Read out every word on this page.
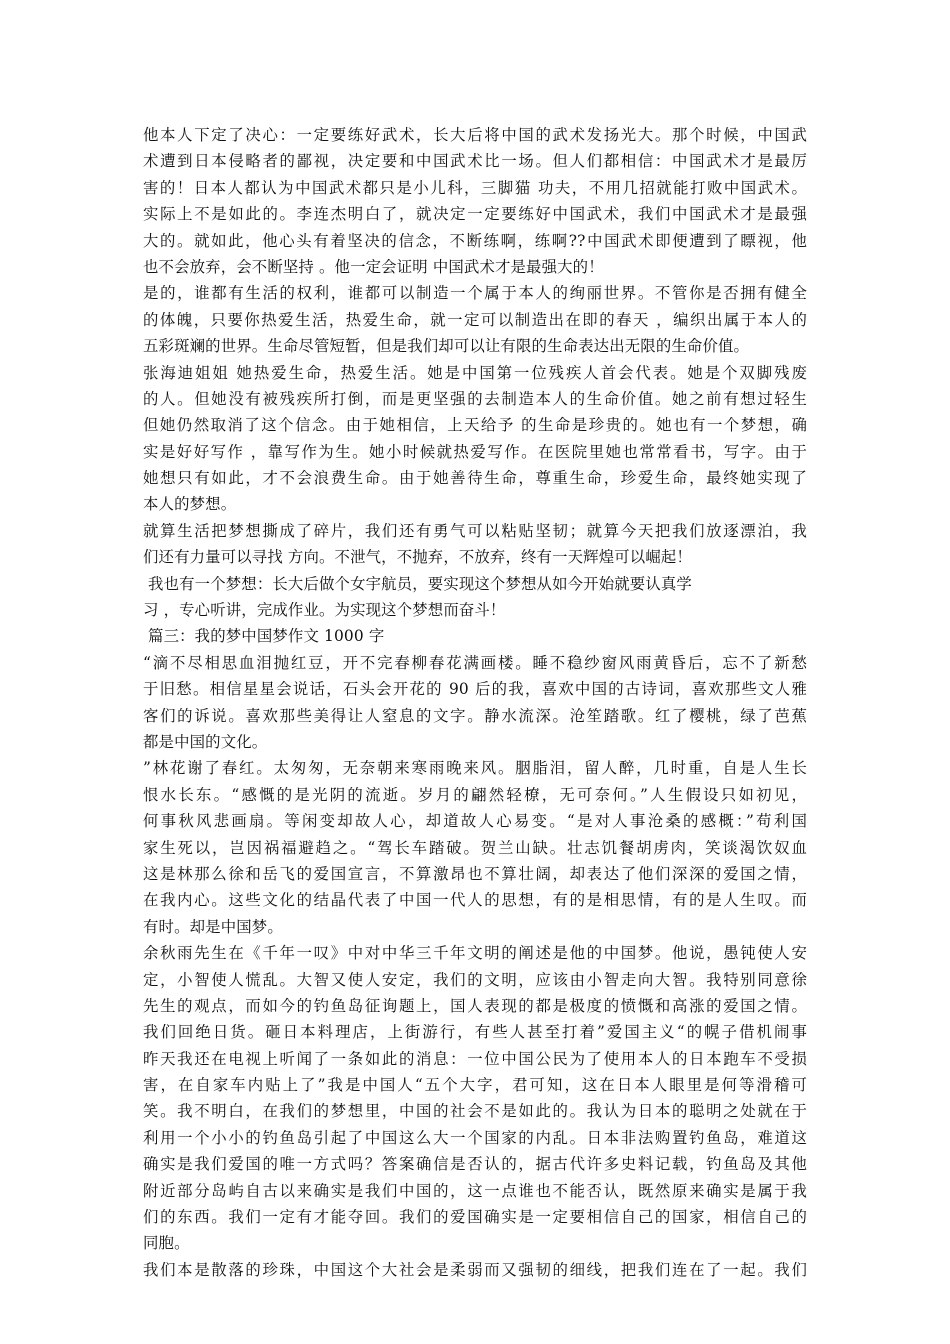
他本人下定了决心：一定要练好武术，长大后将中国的武术发扬光大。那个时候，中国武
术遭到日本侵略者的鄙视，决定要和中国武术比一场。但人们都相信：中国武术才是最厉
害的！日本人都认为中国武术都只是小儿科，三脚猫 功夫，不用几招就能打败中国武术。
实际上不是如此的。李连杰明白了，就决定一定要练好中国武术，我们中国武术才是最强
大的。就如此，他心头有着坚决的信念，不断练啊，练啊??中国武术即便遭到了瞟视，他
也不会放弃，会不断坚持 。他一定会证明 中国武术才是最强大的！
是的，谁都有生活的权利，谁都可以制造一个属于本人的绚丽世界。不管你是否拥有健全
的体魄，只要你热爱生活，热爱生命，就一定可以制造出在即的春天 ，编织出属于本人的
五彩斑斓的世界。生命尽管短暂，但是我们却可以让有限的生命表达出无限的生命价值。
张海迪姐姐 她热爱生命，热爱生活。她是中国第一位残疾人首会代表。她是个双脚残废
的人。但她没有被残疾所打倒，而是更坚强的去制造本人的生命价值。她之前有想过轻生
但她仍然取消了这个信念。由于她相信，上天给予 的生命是珍贵的。她也有一个梦想，确
实是好好写作 ，靠写作为生。她小时候就热爱写作。在医院里她也常常看书，写字。由于
她想只有如此，才不会浪费生命。由于她善待生命，尊重生命，珍爱生命，最终她实现了
本人的梦想。
就算生活把梦想撕成了碎片，我们还有勇气可以粘贴坚韧；就算今天把我们放逐漂泊，我
们还有力量可以寻找 方向。不泄气，不抛弃，不放弃，终有一天辉煌可以崛起！
我也有一个梦想：长大后做个女宇航员，要实现这个梦想从如今开始就要认真学
习 ，专心听讲，完成作业。为实现这个梦想而奋斗！
篇三：我的梦中国梦作文 1000 字
“滴不尽相思血泪抛红豆，开不完春柳春花满画楼。睡不稳纱窗风雨黄昏后，忘不了新愁
于旧愁。相信星星会说话，石头会开花的 90 后的我，喜欢中国的古诗词，喜欢那些文人雅
客们的诉说。喜欢那些美得让人窒息的文字。静水流深。沧笙踏歌。红了樱桃，绿了芭蕉
都是中国的文化。
”林花谢了春红。太匆匆，无奈朝来寒雨晚来风。胭脂泪，留人醉，几时重，自是人生长
恨水长东。“感慨的是光阴的流逝。岁月的翩然轻橑，无可奈何。”人生假设只如初见，
何事秋风悲画扇。等闲变却故人心，却道故人心易变。“是对人事沧桑的感概：”苟利国
家生死以，岂因祸福避趋之。“驾长车踏破。贺兰山缺。壮志饥餐胡虏肉，笑谈渴饮奴血
这是林那么徐和岳飞的爱国宣言，不算激昂也不算壮阔，却表达了他们深深的爱国之情，
在我内心。这些文化的结晶代表了中国一代人的思想，有的是相思情，有的是人生叹。而
有时。却是中国梦。
余秋雨先生在《千年一叹》中对中华三千年文明的阐述是他的中国梦。他说，愚钝使人安
定，小智使人慌乱。大智又使人安定，我们的文明，应该由小智走向大智。我特别同意徐
先生的观点，而如今的钓鱼岛征询题上，国人表现的都是极度的愤慨和高涨的爱国之情。
我们回绝日货。砸日本料理店，上街游行，有些人甚至打着”爱国主义“的幌子借机闹事
昨天我还在电视上听闻了一条如此的消息：一位中国公民为了使用本人的日本跑车不受损
害，在自家车内贴上了”我是中国人“五个大字，君可知，这在日本人眼里是何等滑稽可
笑。我不明白，在我们的梦想里，中国的社会不是如此的。我认为日本的聪明之处就在于
利用一个小小的钓鱼岛引起了中国这么大一个国家的内乱。日本非法购置钓鱼岛，难道这
确实是我们爱国的唯一方式吗？答案确信是否认的，据古代许多史料记载，钓鱼岛及其他
附近部分岛屿自古以来确实是我们中国的，这一点谁也不能否认，既然原来确实是属于我
们的东西。我们一定有才能夺回。我们的爱国确实是一定要相信自己的国家，相信自己的
同胞。
我们本是散落的珍珠，中国这个大社会是柔弱而又强韧的细线，把我们连在了一起。我们
